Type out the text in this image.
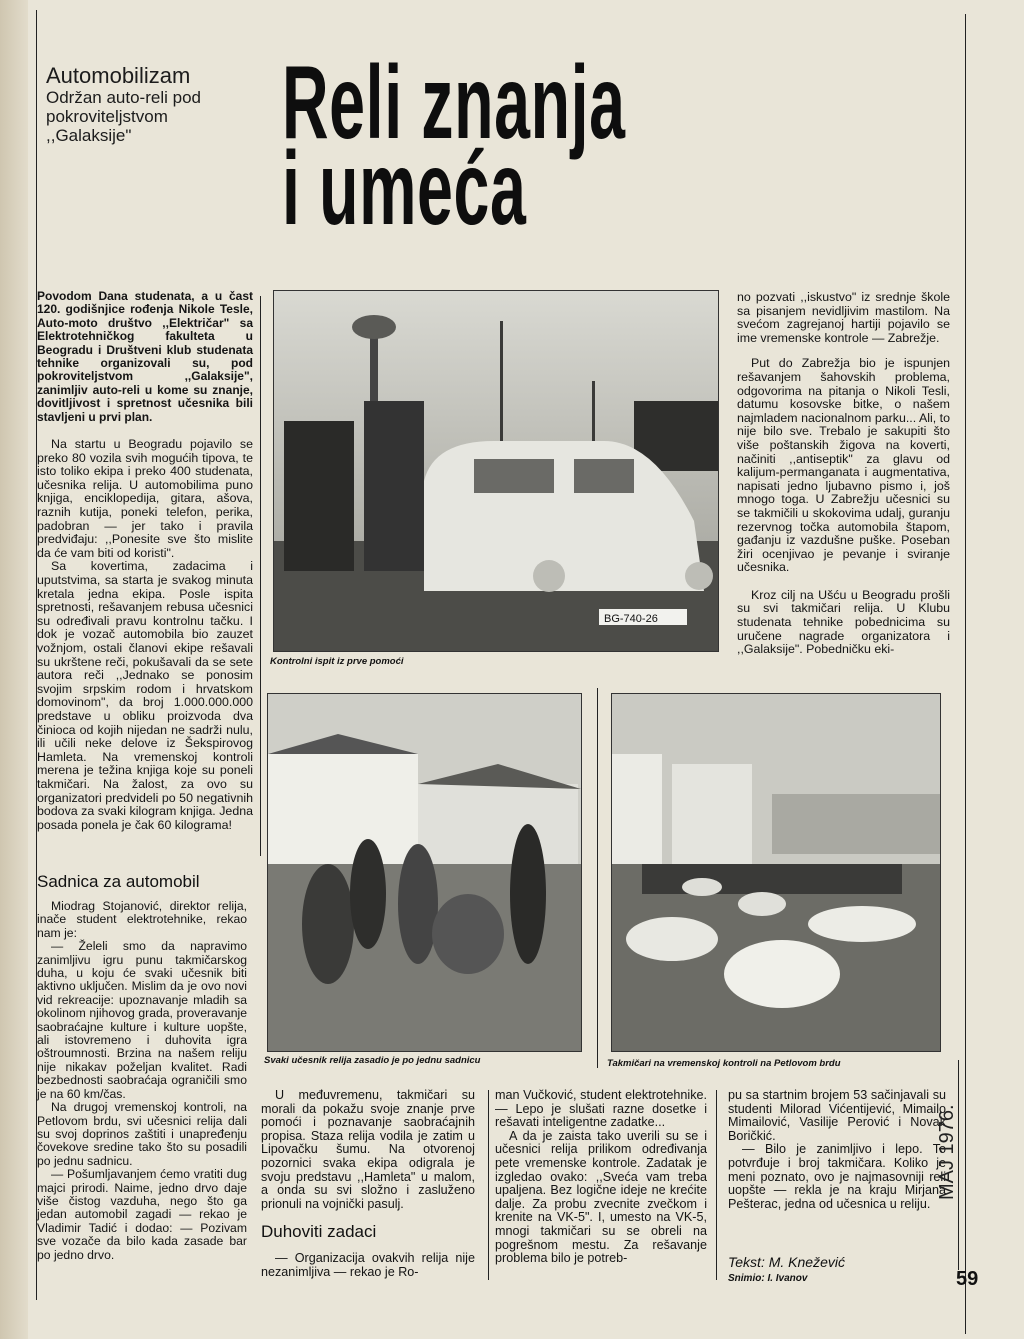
Automobilizam
Održan auto-reli pod
pokroviteljstvom
,,Galaksije"	Reli znanja
i umeća

Povodom Dana studenata, a u čast 120. godišnjice rođenja Nikole Tesle, Auto-moto društvo ,,Električar" sa Elektrotehničkog fakulteta u Beogradu i Društveni klub studenata tehnike organizovali su, pod pokroviteljstvom ,,Galaksije", zanimljiv auto-reli u kome su znanje, dovitljivost i spretnost učesnika bili stavljeni u prvi plan.

Na startu u Beogradu pojavilo se preko 80 vozila svih mogućih tipova, te isto toliko ekipa i preko 400 studenata, učesnika relija. U automobilima puno knjiga, enciklopedija, gitara, ašova, raznih kutija, poneki telefon, perika, padobran — jer tako i pravila predviđaju: ,,Ponesite sve što mislite da će vam biti od koristi".

Sa kovertima, zadacima i uputstvima, sa starta je svakog minuta kretala jedna ekipa. Posle ispita spretnosti, rešavanjem rebusa učesnici su određivali pravu kontrolnu tačku. I dok je vozač automobila bio zauzet vožnjom, ostali članovi ekipe rešavali su ukrštene reči, pokušavali da se sete autora reči ,,Jednako se ponosim svojim srpskim rodom i hrvatskom domovinom", da broj 1.000.000.000 predstave u obliku proizvoda dva činioca od kojih nijedan ne sadrži nulu, ili učili neke delove iz Šekspirovog Hamleta. Na vremenskoj kontroli merena je težina knjiga koje su poneli takmičari. Na žalost, za ovo su organizatori predvideli po 50 negativnih bodova za svaki kilogram knjiga. Jedna posada ponela je čak 60 kilograma!

Sadnica za automobil

Miodrag Stojanović, direktor relija, inače student elektrotehnike, rekao nam je:

— Želeli smo da napravimo zanimljivu igru punu takmičarskog duha, u koju će svaki učesnik biti aktivno uključen. Mislim da je ovo novi vid rekreacije: upoznavanje mladih sa okolinom njihovog grada, proveravanje saobraćajne kulture i kulture uopšte, ali istovremeno i duhovita igra oštroumnosti. Brzina na našem reliju nije nikakav poželjan kvalitet. Radi bezbednosti saobraćaja ograničili smo je na 60 km/čas.

Na drugoj vremenskoj kontroli, na Petlovom brdu, svi učesnici relija dali su svoj doprinos zaštiti i unapređenju čovekove sredine tako što su posadili po jednu sadnicu.

— Pošumljavanjem ćemo vratiti dug majci prirodi. Naime, jedno drvo daje više čistog vazduha, nego što ga jedan automobil zagadi — rekao je Vladimir Tadić i dodao: — Pozivam sve vozače da bilo kada zasade bar po jedno drvo.

BG-740-26
Kontrolni ispit iz prve pomoći

no pozvati ,,iskustvo" iz srednje škole sa pisanjem nevidljivim mastilom. Na svećom zagrejanoj hartiji pojavilo se ime vremenske kontrole — Zabrežje.

Put do Zabrežja bio je ispunjen rešavanjem šahovskih problema, odgovorima na pitanja o Nikoli Tesli, datumu kosovske bitke, o našem najmladem nacionalnom parku... Ali, to nije bilo sve. Trebalo je sakupiti što više poštanskih žigova na koverti, načiniti ,,antiseptik" za glavu od kalijum-permanganata i augmentativa, napisati jedno ljubavno pismo i, još mnogo toga. U Zabrežju učesnici su se takmičili u skokovima udalj, guranju rezervnog točka automobila štapom, gađanju iz vazdušne puške. Poseban žiri ocenjivao je pevanje i sviranje učesnika.

Kroz cilj na Ušću u Beogradu prošli su svi takmičari relija. U Klubu studenata tehnike pobednicima su uručene nagrade organizatora i ,,Galaksije". Pobedničku eki-

Svaki učesnik relija zasadio je po jednu sadnicu	Takmičari na vremenskoj kontroli na Petlovom brdu

U međuvremenu, takmičari su morali da pokažu svoje znanje prve pomoći i poznavanje saobraćajnih propisa. Staza relija vodila je zatim u Lipovačku šumu. Na otvorenoj pozornici svaka ekipa odigrala je svoju predstavu ,,Hamleta" u malom, a onda su svi složno i zasluženo prionuli na vojnički pasulj.

Duhoviti zadaci

— Organizacija ovakvih relija nije nezanimljiva — rekao je Ro-

man Vučković, student elektrotehnike. — Lepo je slušati razne dosetke i rešavati inteligentne zadatke...

A da je zaista tako uverili su se i učesnici relija prilikom određivanja pete vremenske kontrole. Zadatak je izgledao ovako: ,,Sveća vam treba upaljena. Bez logične ideje ne krećite dalje. Za probu zvecnite zvečkom i krenite na VK-5". I, umesto na VK-5, mnogi takmičari su se obreli na pogrešnom mestu. Za rešavanje problema bilo je potreb-

pu sa startnim brojem 53 sačinjavali su studenti Milorad Vićentijević, Mimailo Mimailović, Vasilije Perović i Novak Boričkić.

— Bilo je zanimljivo i lepo. To potvrđuje i broj takmičara. Koliko je meni poznato, ovo je najmasovniji reli uopšte — rekla je na kraju Mirjana Pešterac, jedna od učesnica u reliju.

Tekst: M. Knežević
Snimio: I. Ivanov
MAJ 1976.
59
